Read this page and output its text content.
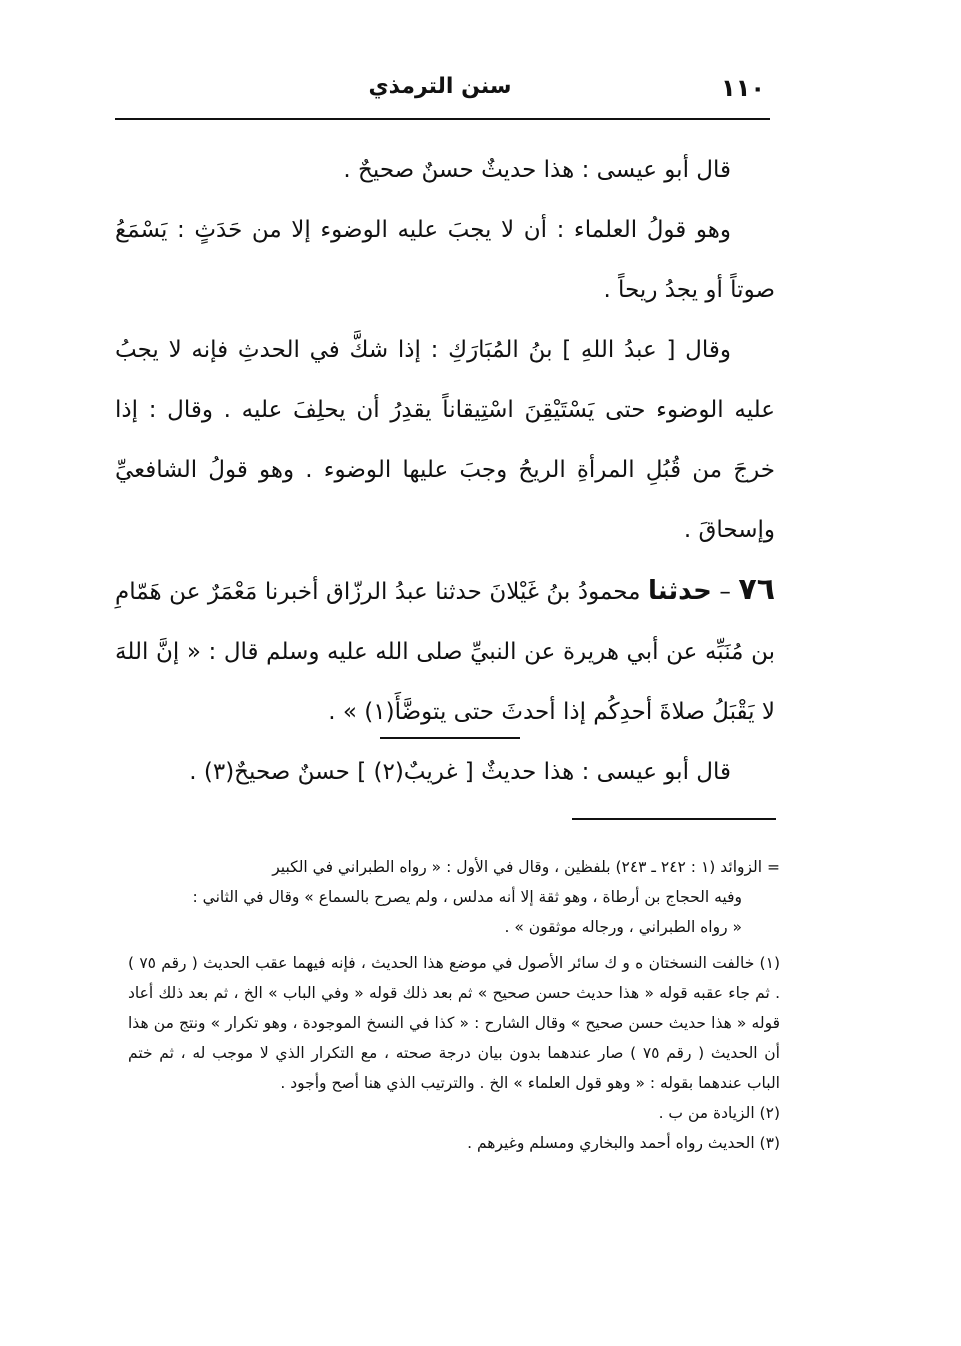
١١٠
سنن الترمذي

قال أبو عيسى : هذا حديثٌ حسنٌ صحيحٌ .

وهو قولُ العلماء : أن لا يجبَ عليه الوضوء إلا من حَدَثٍ : يَسْمَعُ صوتاً أو يجدُ ريحاً .

وقال [ عبدُ اللهِ ] بنُ المُبَارَكِ : إذا شكَّ في الحدثِ فإنه لا يجبُ عليه الوضوء حتى يَسْتَيْقِنَ اسْتِيقاناً يقدِرُ أن يحلِفَ عليه . وقال : إذا خرجَ من قُبُلِ المرأةِ الريحُ وجبَ عليها الوضوء . وهو قولُ الشافعيِّ وإسحاقَ .

٧٦ – حدثنا محمودُ بنُ غَيْلانَ حدثنا عبدُ الرزّاق أخبرنا مَعْمَرٌ عن هَمّامِ بن مُنَبِّه عن أبي هريرة عن النبيِّ صلى الله عليه وسلم قال : « إنَّ اللهَ لا يَقْبَلُ صلاةَ أحدِكُم إذا أحدثَ حتى يتوضَّأَ(١) » .

قال أبو عيسى : هذا حديثٌ [ غريبٌ(٢) ] حسنٌ صحيحٌ(٣) .

= الزوائد (١ : ٢٤٢ ـ ٢٤٣) بلفظين ، وقال في الأول : « رواه الطبراني في الكبير

وفيه الحجاج بن أرطاة ، وهو ثقة إلا أنه مدلس ، ولم يصرح بالسماع » وقال في الثاني :

« رواه الطبراني ، ورجاله موثقون » .

(١) خالفت النسختان ه و ك سائر الأصول في موضع هذا الحديث ، فإنه فيهما عقب الحديث ( رقم ٧٥ ) . ثم جاء عقبه قوله « هذا حديث حسن صحيح » ثم بعد ذلك قوله « وفي الباب » الخ ، ثم بعد ذلك أعاد قوله « هذا حديث حسن صحيح » وقال الشارح : « كذا في النسخ الموجودة ، وهو تكرار » ونتج من هذا أن الحديث ( رقم ٧٥ ) صار عندهما بدون بيان درجة صحته ، مع التكرار الذي لا موجب له ، ثم ختم الباب عندهما بقوله : « وهو قول العلماء » الخ . والترتيب الذي هنا أصح وأجود .

(٢) الزيادة من ب .

(٣) الحديث رواه أحمد والبخاري ومسلم وغيرهم .
